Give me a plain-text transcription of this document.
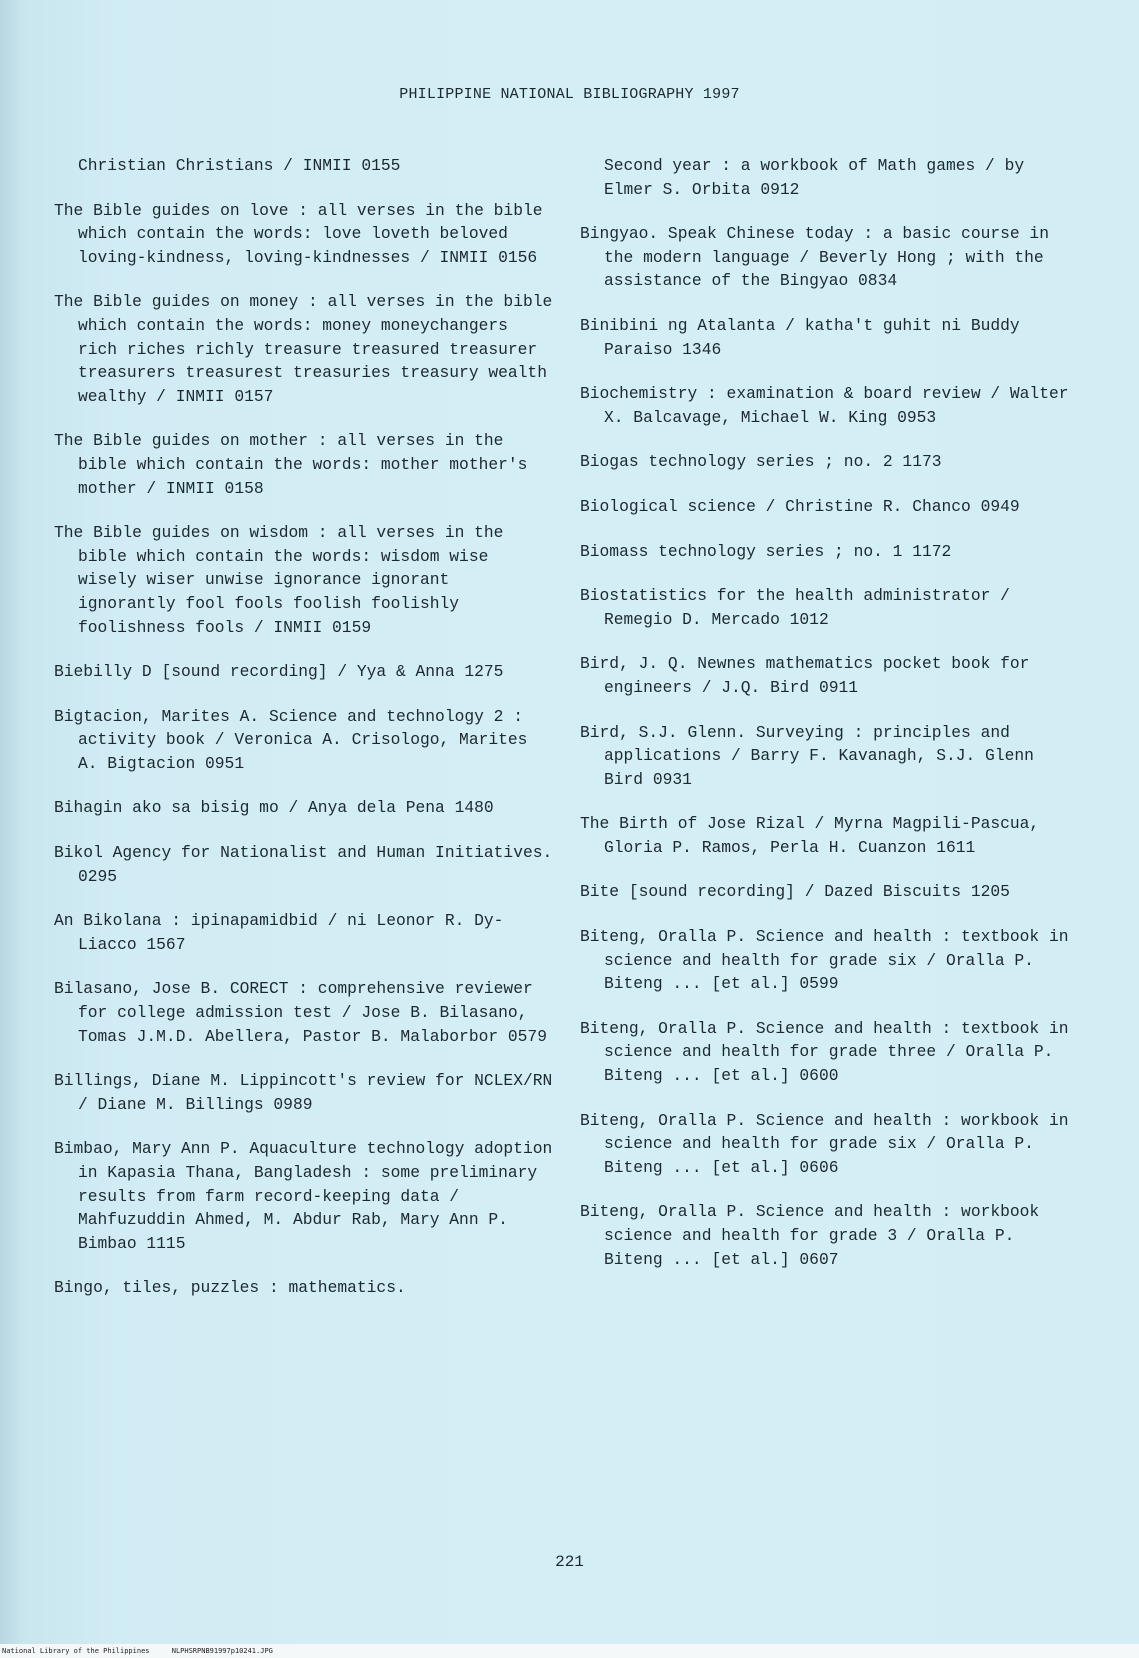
PHILIPPINE NATIONAL BIBLIOGRAPHY 1997

Christian Christians / INMII 0155

The Bible guides on love : all verses in the bible which contain the words: love loveth beloved loving-kindness, loving-kindnesses / INMII 0156

The Bible guides on money : all verses in the bible which contain the words: money moneychangers rich riches richly treasure treasured treasurer treasurers treasurest treasuries treasury wealth wealthy / INMII 0157

The Bible guides on mother : all verses in the bible which contain the words: mother mother's mother / INMII 0158

The Bible guides on wisdom : all verses in the bible which contain the words: wisdom wise wisely wiser unwise ignorance ignorant ignorantly fool fools foolish foolishly foolishness fools / INMII 0159

Biebilly D [sound recording] / Yya & Anna 1275

Bigtacion, Marites A. Science and technology 2 : activity book / Veronica A. Crisologo, Marites A. Bigtacion 0951

Bihagin ako sa bisig mo / Anya dela Pena 1480

Bikol Agency for Nationalist and Human Initiatives. 0295

An Bikolana : ipinapamidbid / ni Leonor R. Dy-Liacco 1567

Bilasano, Jose B. CORECT : comprehensive reviewer for college admission test / Jose B. Bilasano, Tomas J.M.D. Abellera, Pastor B. Malaborbor 0579

Billings, Diane M. Lippincott's review for NCLEX/RN / Diane M. Billings 0989

Bimbao, Mary Ann P. Aquaculture technology adoption in Kapasia Thana, Bangladesh : some preliminary results from farm record-keeping data / Mahfuzuddin Ahmed, M. Abdur Rab, Mary Ann P. Bimbao 1115

Bingo, tiles, puzzles : mathematics.

Second year : a workbook of Math games / by Elmer S. Orbita 0912

Bingyao. Speak Chinese today : a basic course in the modern language / Beverly Hong ; with the assistance of the Bingyao 0834

Binibini ng Atalanta / katha't guhit ni Buddy Paraiso 1346

Biochemistry : examination & board review / Walter X. Balcavage, Michael W. King 0953

Biogas technology series ; no. 2 1173

Biological science / Christine R. Chanco 0949

Biomass technology series ; no. 1 1172

Biostatistics for the health administrator / Remegio D. Mercado 1012

Bird, J. Q. Newnes mathematics pocket book for engineers / J.Q. Bird 0911

Bird, S.J. Glenn. Surveying : principles and applications / Barry F. Kavanagh, S.J. Glenn Bird 0931

The Birth of Jose Rizal / Myrna Magpili-Pascua, Gloria P. Ramos, Perla H. Cuanzon 1611

Bite [sound recording] / Dazed Biscuits 1205

Biteng, Oralla P. Science and health : textbook in science and health for grade six / Oralla P. Biteng ... [et al.] 0599

Biteng, Oralla P. Science and health : textbook in science and health for grade three / Oralla P. Biteng ... [et al.] 0600

Biteng, Oralla P. Science and health : workbook in science and health for grade six / Oralla P. Biteng ... [et al.] 0606

Biteng, Oralla P. Science and health : workbook science and health for grade 3 / Oralla P. Biteng ... [et al.] 0607

221
National Library of the Philippines	NLPHSRPNB91997p10241.JPG
